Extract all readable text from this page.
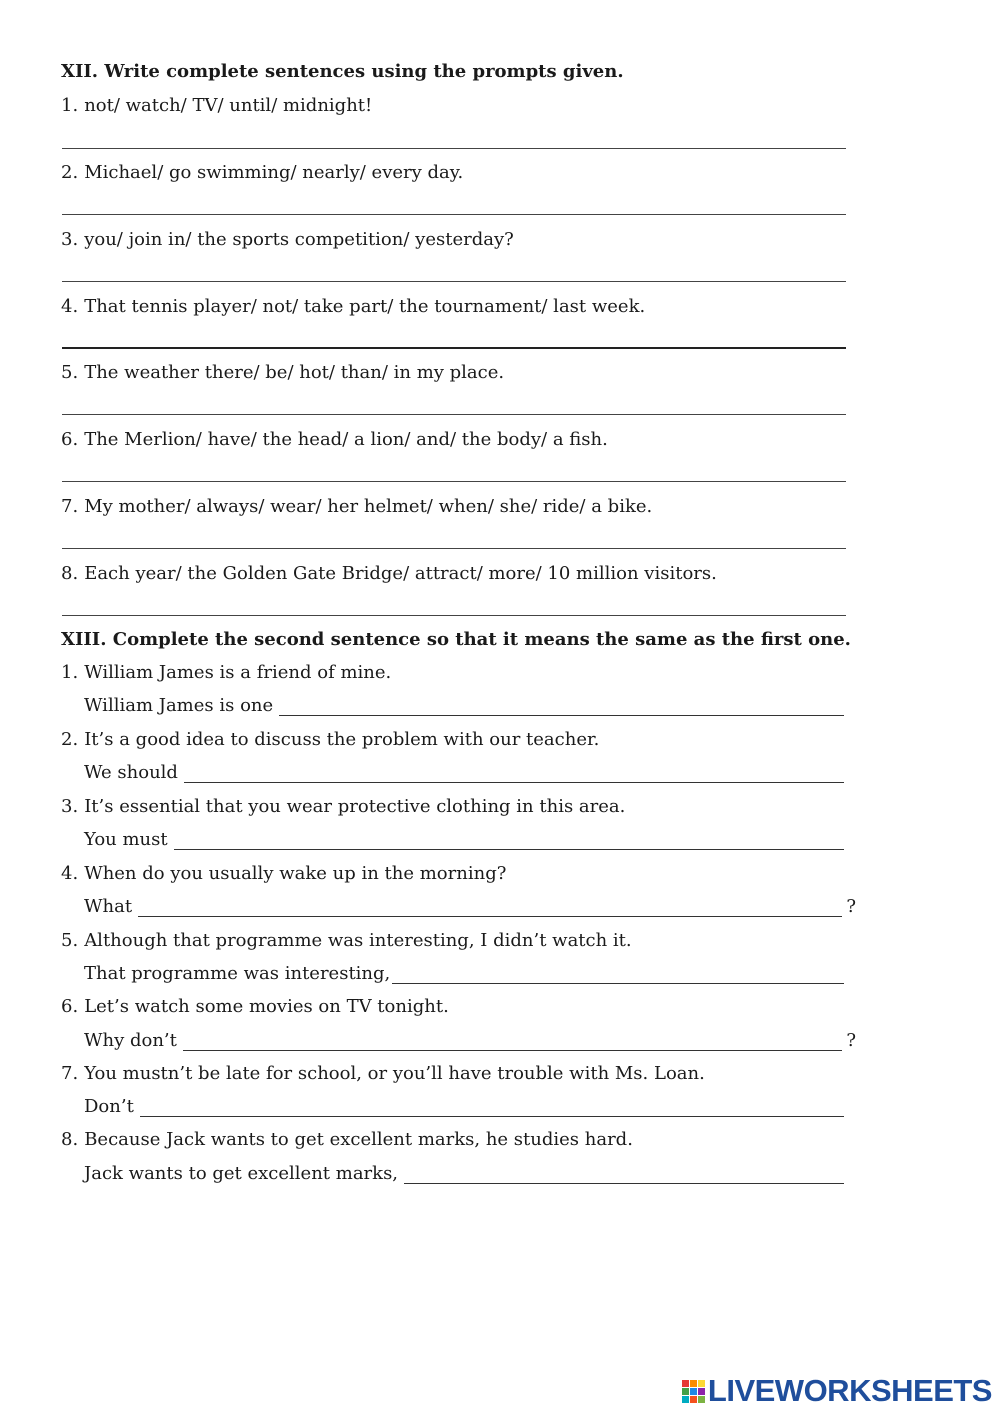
XII. Write complete sentences using the prompts given.
1. not/ watch/ TV/ until/ midnight!
2. Michael/ go swimming/ nearly/ every day.
3. you/ join in/ the sports competition/ yesterday?
4. That tennis player/ not/ take part/ the tournament/ last week.
5. The weather there/ be/ hot/ than/ in my place.
6. The Merlion/ have/ the head/ a lion/ and/ the body/ a fish.
7. My mother/ always/ wear/ her helmet/ when/ she/ ride/ a bike.
8. Each year/ the Golden Gate Bridge/ attract/ more/ 10 million visitors.
XIII. Complete the second sentence so that it means the same as the first one.
1. William James is a friend of mine.
William James is one
2. It’s a good idea to discuss the problem with our teacher.
We should
3. It’s essential that you wear protective clothing in this area.
You must
4. When do you usually wake up in the morning?
What	?
5. Although that programme was interesting, I didn’t watch it.
That programme was interesting,
6. Let’s watch some movies on TV tonight.
Why don’t	?
7. You mustn’t be late for school, or you’ll have trouble with Ms. Loan.
Don’t
8. Because Jack wants to get excellent marks, he studies hard.
Jack wants to get excellent marks,
LIVEWORKSHEETS
